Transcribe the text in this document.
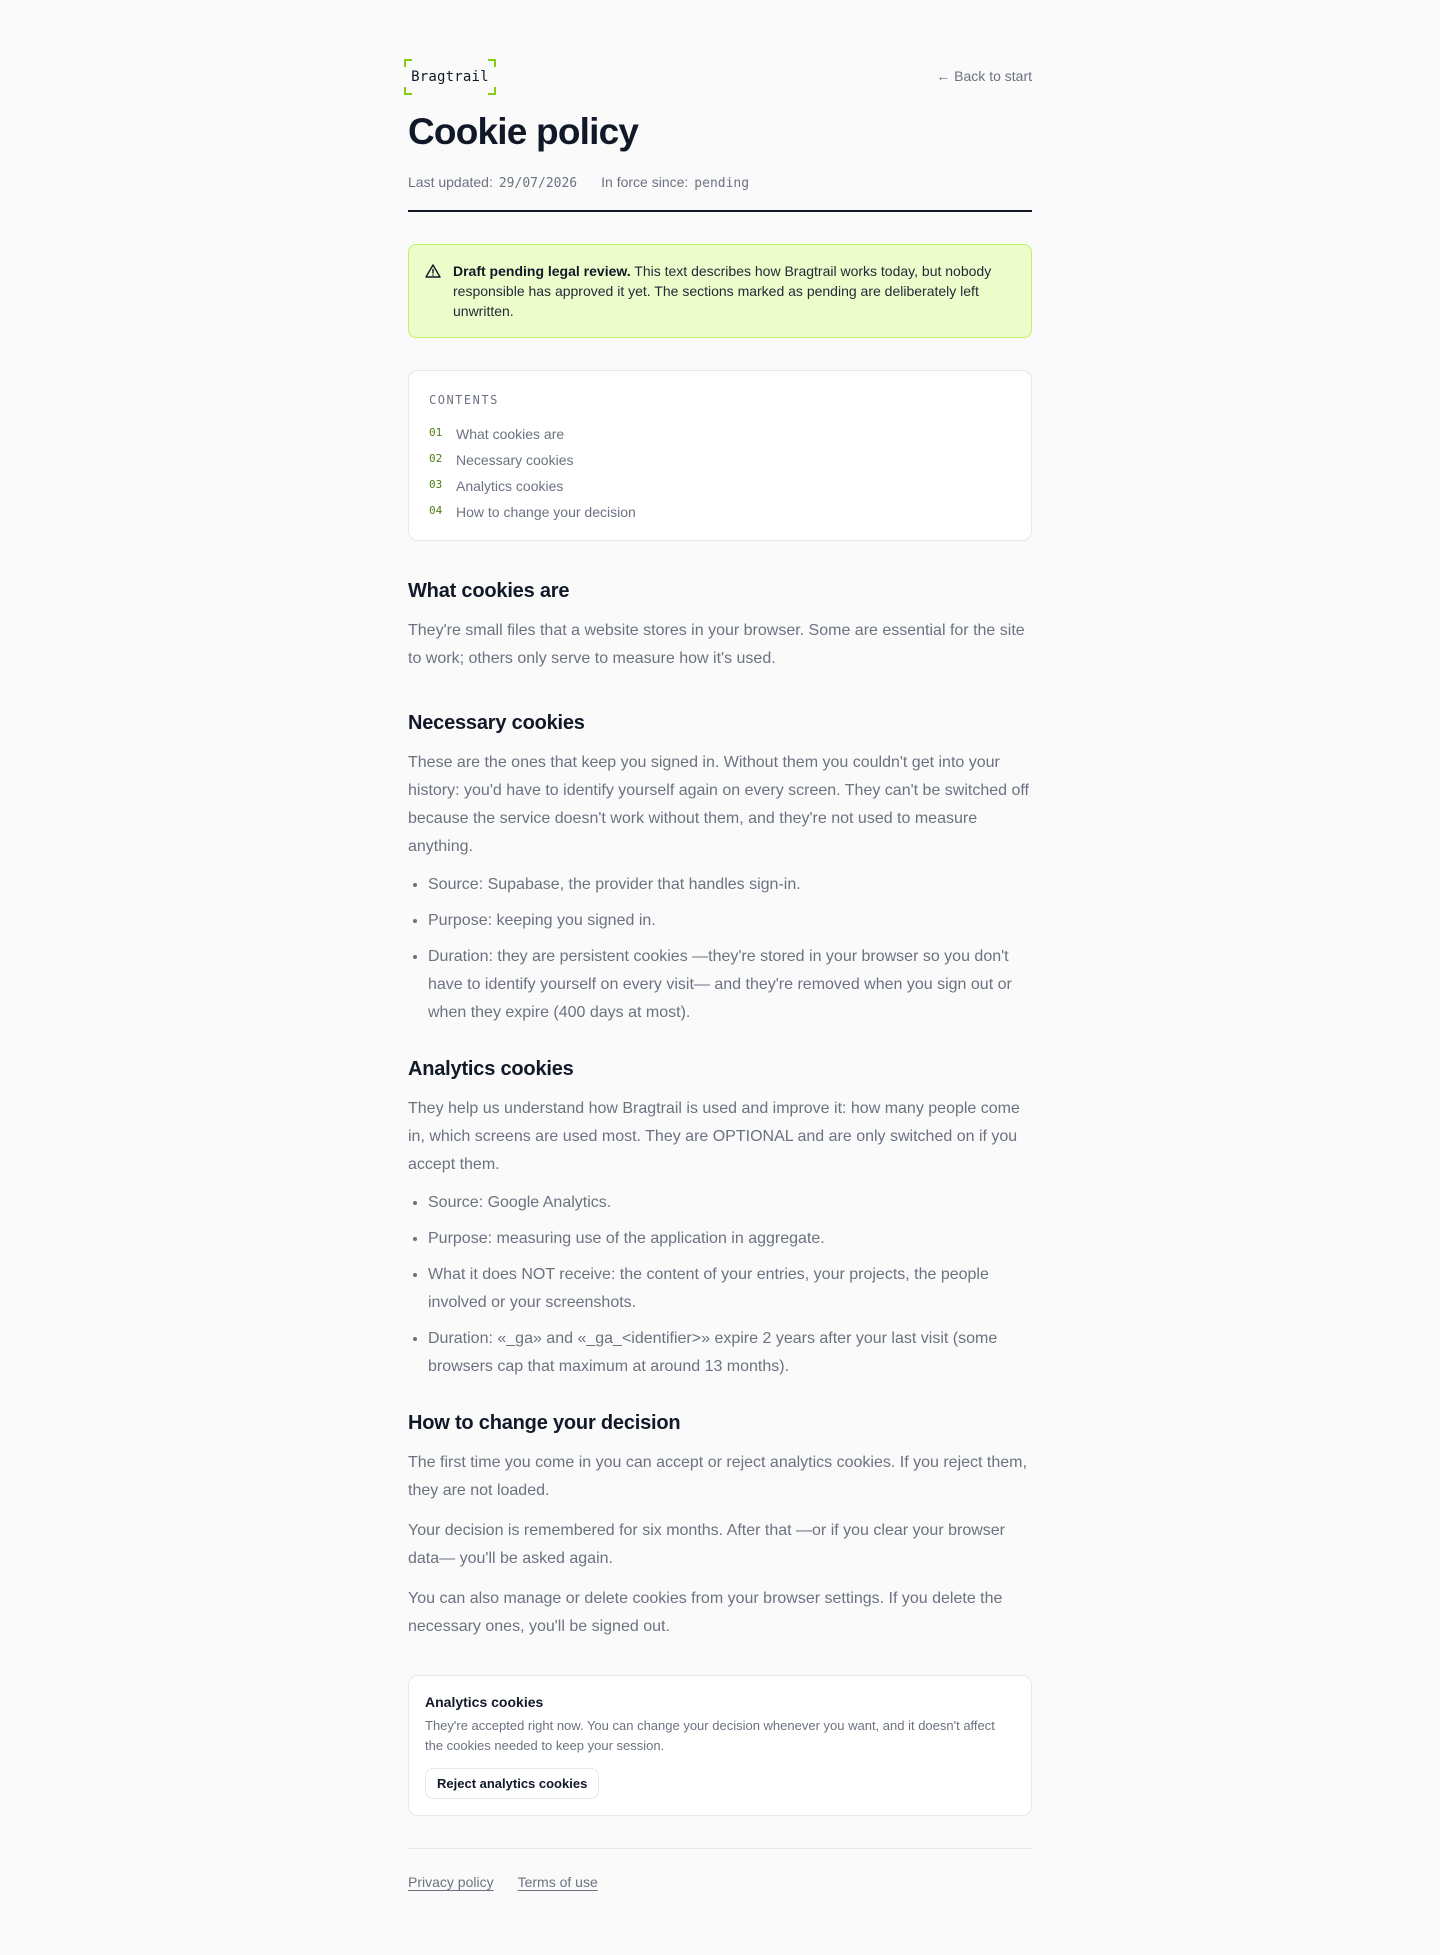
Bragtrail	← Back to start
Cookie policy
Last updated: 29/07/2026 In force since: pending
Draft pending legal review. This text describes how Bragtrail works today, but nobody responsible has approved it yet. The sections marked as pending are deliberately left unwritten.
CONTENTS
01 What cookies are
02 Necessary cookies
03 Analytics cookies
04 How to change your decision
What cookies are

They're small files that a website stores in your browser. Some are essential for the site to work; others only serve to measure how it's used.

Necessary cookies

These are the ones that keep you signed in. Without them you couldn't get into your history: you'd have to identify yourself again on every screen. They can't be switched off because the service doesn't work without them, and they're not used to measure anything.

• Source: Supabase, the provider that handles sign-in.
• Purpose: keeping you signed in.
• Duration: they are persistent cookies —they're stored in your browser so you don't have to identify yourself on every visit— and they're removed when you sign out or when they expire (400 days at most).
Analytics cookies

They help us understand how Bragtrail is used and improve it: how many people come in, which screens are used most. They are OPTIONAL and are only switched on if you accept them.

• Source: Google Analytics.
• Purpose: measuring use of the application in aggregate.
• What it does NOT receive: the content of your entries, your projects, the people involved or your screenshots.
• Duration: «_ga» and «_ga_<identifier>» expire 2 years after your last visit (some browsers cap that maximum at around 13 months).
How to change your decision

The first time you come in you can accept or reject analytics cookies. If you reject them, they are not loaded.

Your decision is remembered for six months. After that —or if you clear your browser data— you'll be asked again.

You can also manage or delete cookies from your browser settings. If you delete the necessary ones, you'll be signed out.

Analytics cookies
They're accepted right now. You can change your decision whenever you want, and it doesn't affect the cookies needed to keep your session.
Reject analytics cookies
Privacy policy Terms of use
